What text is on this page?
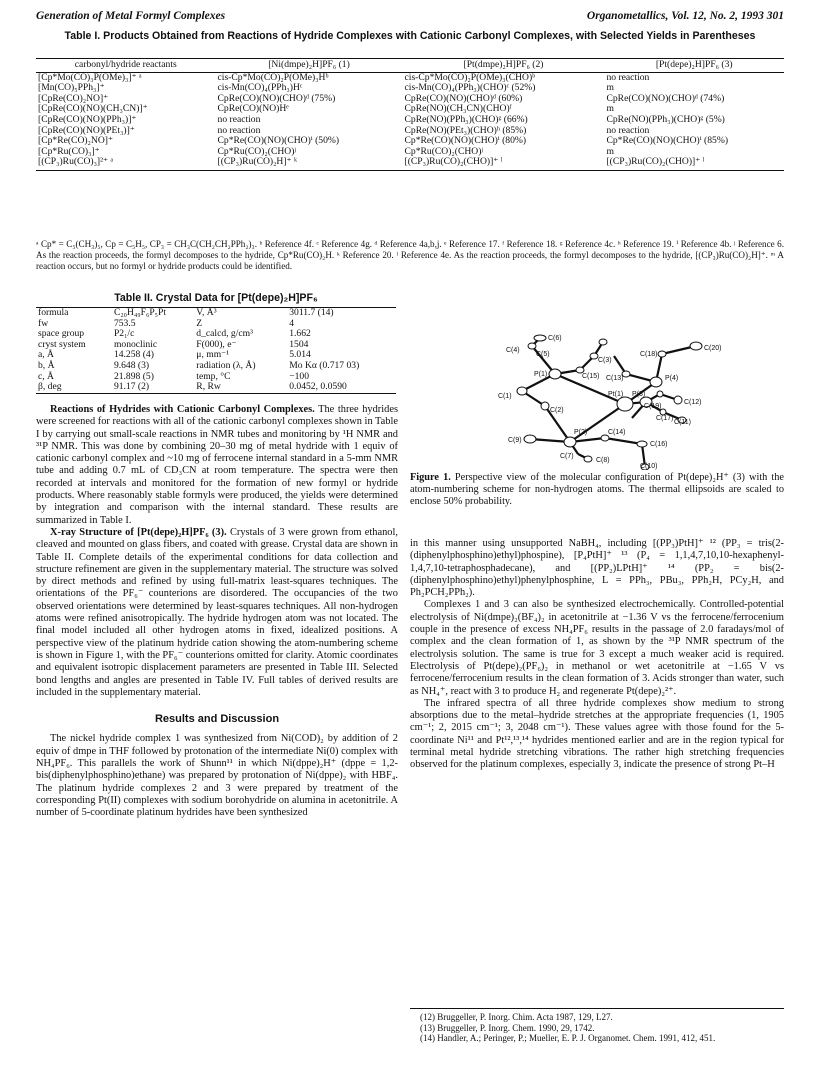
Generation of Metal Formyl Complexes	Organometallics, Vol. 12, No. 2, 1993 301
Table I. Products Obtained from Reactions of Hydride Complexes with Cationic Carbonyl Complexes, with Selected Yields in Parentheses
carbonyl/hydride reactants	[Ni(dmpe)₂H]PF₆ (1)	[Pt(dmpe)₂H]PF₆ (2)	[Pt(depe)₂H]PF₆ (3)
[Cp*Mo(CO)₃P(OMe)₃]⁺ ᵃ	cis-Cp*Mo(CO)₂P(OMe)₃Hᵇ	cis-Cp*Mo(CO)₂P(OMe)₃(CHO)ᵇ	no reaction
[Mn(CO)₅PPh₃]⁺	cis-Mn(CO)₄(PPh₃)Hᶜ	cis-Mn(CO)₄(PPh₃)(CHO)ᶜ (52%)	m
[CpRe(CO)₂NO]⁺	CpRe(CO)(NO)(CHO)ᵈ (75%)	CpRe(CO)(NO)(CHO)ᵈ (60%)	CpRe(CO)(NO)(CHO)ᵈ (74%)
[CpRe(CO)(NO)(CH₃CN)]⁺	CpRe(CO)(NO)Hᵉ	CpRe(NO)(CH₃CN)(CHO)ᶠ	m
[CpRe(CO)(NO)(PPh₃)]⁺	no reaction	CpRe(NO)(PPh₃)(CHO)ᵍ (66%)	CpRe(NO)(PPh₃)(CHO)ᵍ (5%)
[CpRe(CO)(NO)(PEt₃)]⁺	no reaction	CpRe(NO)(PEt₃)(CHO)ʰ (85%)	no reaction
[Cp*Re(CO)₂NO]⁺	Cp*Re(CO)(NO)(CHO)ⁱ (50%)	Cp*Re(CO)(NO)(CHO)ⁱ (80%)	Cp*Re(CO)(NO)(CHO)ⁱ (85%)
[Cp*Ru(CO)₃]⁺	Cp*Ru(CO)₂(CHO)ʲ	Cp*Ru(CO)₂(CHO)ʲ	m
[(CP₃)Ru(CO)₃]²⁺ ᵃ	[(CP₃)Ru(CO)₂H]⁺ ᵏ	[(CP₃)Ru(CO)₂(CHO)]⁺ ˡ	[(CP₃)Ru(CO)₂(CHO)]⁺ ˡ
ᵃ Cp* = C₅(CH₃)₅, Cp = C₅H₅, CP₃ = CH₃C(CH₂CH₂PPh₂)₃. ᵇ Reference 4f. ᶜ Reference 4g. ᵈ Reference 4a,b,j. ᵉ Reference 17. ᶠ Reference 18. ᵍ Reference 4c. ʰ Reference 19. ⁱ Reference 4b. ʲ Reference 6. As the reaction proceeds, the formyl decomposes to the hydride, Cp*Ru(CO)₂H. ᵏ Reference 20. ˡ Reference 4e. As the reaction proceeds, the formyl decomposes to the hydride, [(CP₃)Ru(CO)₂H]⁺. ᵐ A reaction occurs, but no formyl or hydride products could be identified.
Table II. Crystal Data for [Pt(depe)₂H]PF₆
formula	C₂₀H₄₉F₆P₅Pt	V, Å³	3011.7 (14)
fw	753.5	Z	4
space group	P2₁/c	d_calcd, g/cm³	1.662
cryst system	monoclinic	F(000), e⁻	1504
a, Å	14.258 (4)	μ, mm⁻¹	5.014
b, Å	9.648 (3)	radiation (λ, Å)	Mo Kα (0.717 03)
c, Å	21.898 (5)	temp, °C	−100
β, deg	91.17 (2)	R, Rw	0.0452, 0.0590

Reactions of Hydrides with Cationic Carbonyl Complexes. The three hydrides were screened for reactions with all of the cationic carbonyl complexes shown in Table I by carrying out small-scale reactions in NMR tubes and monitoring by ¹H NMR and ³¹P NMR. This was done by combining 20–30 mg of metal hydride with 1 equiv of cationic carbonyl complex and ~10 mg of ferrocene internal standard in a 5-mm NMR tube and adding 0.7 mL of CD₃CN at room temperature. The spectra were then recorded at intervals and monitored for the formation of new formyl or hydride products. Where reasonably stable formyls were produced, the yields were determined by integration and comparison with the internal standard. These results are summarized in Table I.

X-ray Structure of [Pt(depe)₂H]PF₆ (3). Crystals of 3 were grown from ethanol, cleaved and mounted on glass fibers, and coated with grease. Crystal data are shown in Table II. Complete details of the experimental conditions for data collection and structure refinement are given in the supplementary material. The structure was solved by direct methods and refined by using full-matrix least-squares techniques. The orientations of the PF₆⁻ counterions are disordered. The occupancies of the two observed orientations were determined by least-squares techniques. All non-hydrogen atoms were refined anisotropically. The hydride hydrogen atom was not located. The final model included all other hydrogen atoms in fixed, idealized positions. A perspective view of the platinum hydride cation showing the atom-numbering scheme is shown in Figure 1, with the PF₆⁻ counterions omitted for clarity. Atomic coordinates and equivalent isotropic displacement parameters are presented in Table III. Selected bond lengths and angles are presented in Table IV. Full tables of derived results are included in the supplementary material.

Results and Discussion

The nickel hydride complex 1 was synthesized from Ni(COD)₂ by addition of 2 equiv of dmpe in THF followed by protonation of the intermediate Ni(0) complex with NH₄PF₆. This parallels the work of Shunn¹¹ in which Ni(dppe)₂H⁺ (dppe = 1,2-bis(diphenylphosphino)ethane) was prepared by protonation of Ni(dppe)₂ with HBF₄. The platinum hydride complexes 2 and 3 were prepared by treatment of the corresponding Pt(II) complexes with sodium borohydride on alumina in acetonitrile. A number of 5-coordinate platinum hydrides have been synthesized

C(6)
C(4)
C(5)
C(3)
C(18)
C(20)
P(1)	C(15) C(13)	P(4)
C(1)	Pt(1) P(3)
C(19)
C(12)
C(17)
C(11)
C(2)
P(2)	C(14)
C(9)
C(16)
C(7)
C(8)
C(10)
Figure 1. Perspective view of the molecular configuration of Pt(depe)₂H⁺ (3) with the atom-numbering scheme for non-hydrogen atoms. The thermal ellipsoids are scaled to enclose 50% probability.

in this manner using unsupported NaBH₄, including [(PP₃)PtH]⁺ ¹² (PP₃ = tris(2-(diphenylphosphino)ethyl)phospine), [P₄PtH]⁺ ¹³ (P₄ = 1,1,4,7,10,10-hexaphenyl-1,4,7,10-tetraphosphadecane), and [(PP₂)LPtH]⁺ ¹⁴ (PP₂ = bis(2-(diphenylphosphino)ethyl)phenylphosphine, L = PPh₃, PBu₃, PPh₂H, PCy₂H, and Ph₂PCH₂PPh₂).

Complexes 1 and 3 can also be synthesized electrochemically. Controlled-potential electrolysis of Ni(dmpe)₂(BF₄)₂ in acetonitrile at −1.36 V vs the ferrocene/ferrocenium couple in the presence of excess NH₄PF₆ results in the passage of 2.0 faradays/mol of complex and the clean formation of 1, as shown by the ³¹P NMR spectrum of the electrolysis solution. The same is true for 3 except a much weaker acid is required. Electrolysis of Pt(depe)₂(PF₆)₂ in methanol or wet acetonitrile at −1.65 V vs ferrocene/ferrocenium results in the clean formation of 3. Acids stronger than water, such as NH₄⁺, react with 3 to produce H₂ and regenerate Pt(depe)₂²⁺.

The infrared spectra of all three hydride complexes show medium to strong absorptions due to the metal–hydride stretches at the appropriate frequencies (1, 1905 cm⁻¹; 2, 2015 cm⁻¹; 3, 2048 cm⁻¹). These values agree with those found for the 5-coordinate Ni¹¹ and Pt¹²,¹³,¹⁴ hydrides mentioned earlier and are in the region typical for terminal metal hydride stretching vibrations. The rather high stretching frequencies observed for the platinum complexes, especially 3, indicate the presence of strong Pt–H

(12) Bruggeller, P. Inorg. Chim. Acta 1987, 129, L27.
(13) Bruggeller, P. Inorg. Chem. 1990, 29, 1742.
(14) Handler, A.; Peringer, P.; Mueller, E. P. J. Organomet. Chem. 1991, 412, 451.
